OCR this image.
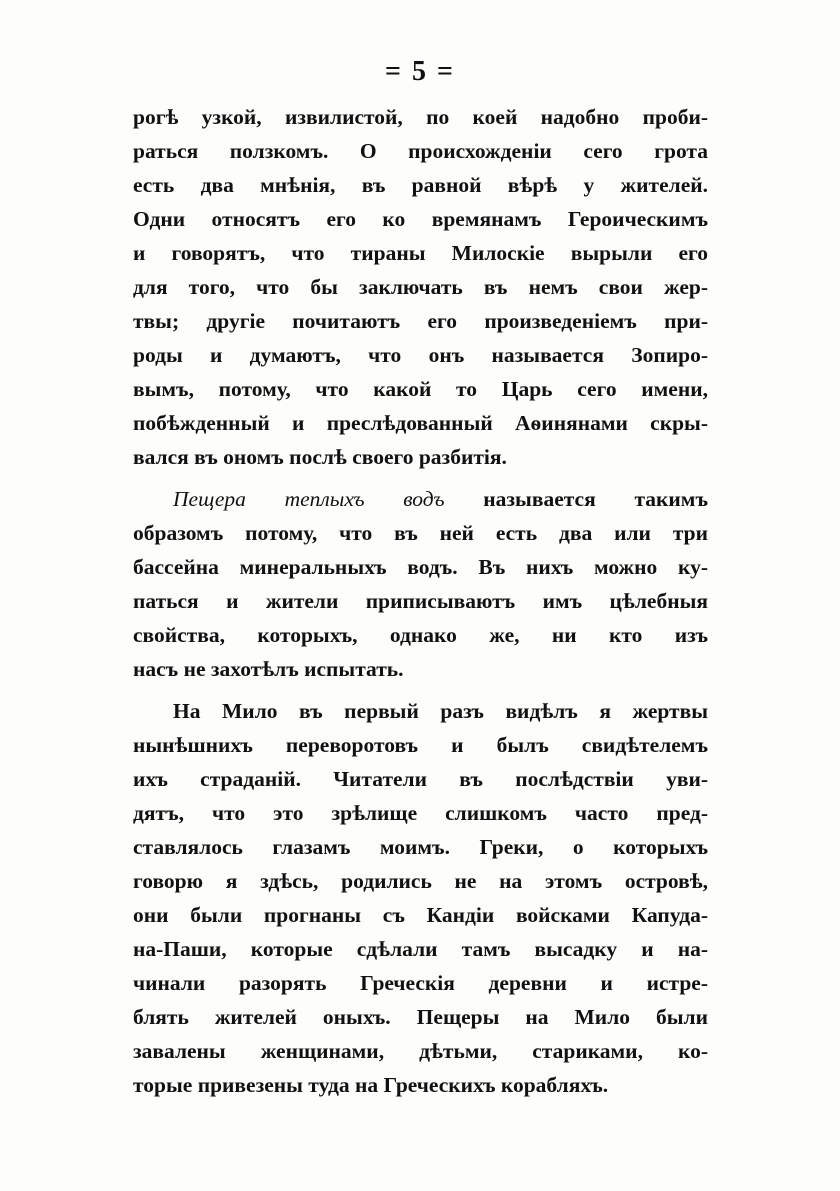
= 5 =
рогѣ узкой, извилистой, по коей надобно проби-
раться ползкомъ. О происхожденіи сего грота
есть два мнѣнія, въ равной вѣрѣ у жителей.
Одни относятъ его ко времянамъ Героическимъ
и говорятъ, что тираны Милоскіе вырыли его
для того, что бы заключать въ немъ свои жер-
твы; другіе почитаютъ его произведеніемъ при-
роды и думаютъ, что онъ называется Зопиро-
вымъ, потому, что какой то Царь сего имени,
побѣжденный и преслѣдованный Аѳинянами скры-
вался въ ономъ послѣ своего разбитія.
Пещера теплыхъ водъ называется такимъ
образомъ потому, что въ ней есть два или три
бассейна минеральныхъ водъ. Въ нихъ можно ку-
паться и жители приписываютъ имъ цѣлебныя
свойства, которыхъ, однако же, ни кто изъ
насъ не захотѣлъ испытать.
На Мило въ первый разъ видѣлъ я жертвы
нынѣшнихъ переворотовъ и былъ свидѣтелемъ
ихъ страданій. Читатели въ послѣдствіи уви-
дятъ, что это зрѣлище слишкомъ часто пред-
ставлялось глазамъ моимъ. Греки, о которыхъ
говорю я здѣсь, родились не на этомъ островѣ,
они были прогнаны съ Кандіи войсками Капуда-
на-Паши, которые сдѣлали тамъ высадку и на-
чинали разорять Греческія деревни и истре-
блять жителей оныхъ. Пещеры на Мило были
завалены женщинами, дѣтьми, стариками, ко-
торые привезены туда на Греческихъ корабляхъ.
